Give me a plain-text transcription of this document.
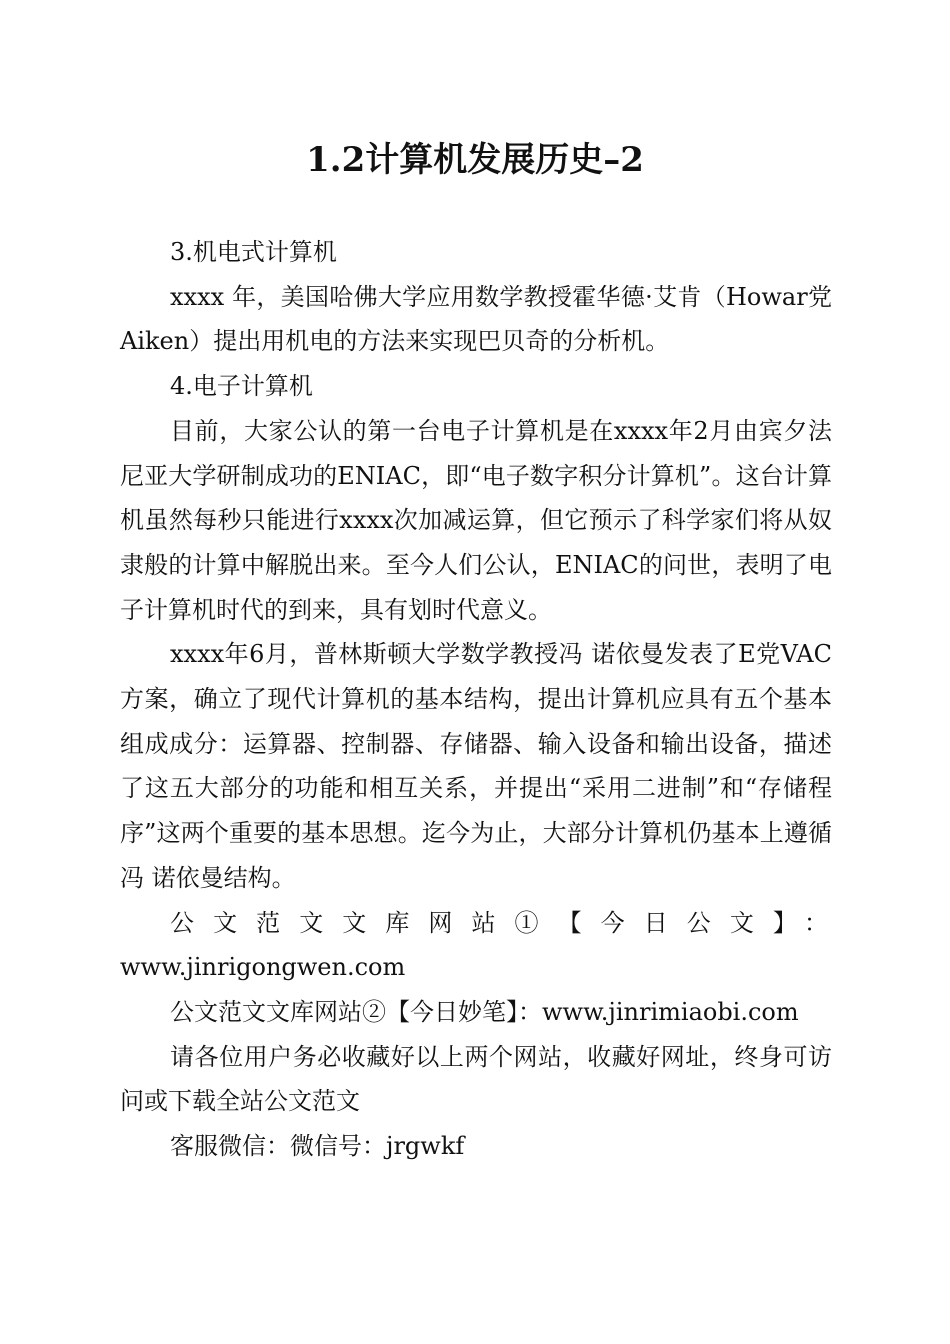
1.2计算机发展历史–2

3.机电式计算机

xxxx 年，美国哈佛大学应用数学教授霍华德·艾肯（Howar党Aiken）提出用机电的方法来实现巴贝奇的分析机。

4.电子计算机

目前，大家公认的第一台电子计算机是在xxxx年2月由宾夕法尼亚大学研制成功的ENIAC，即“电子数字积分计算机”。这台计算机虽然每秒只能进行xxxx次加减运算，但它预示了科学家们将从奴隶般的计算中解脱出来。至今人们公认，ENIAC的问世，表明了电子计算机时代的到来，具有划时代意义。

xxxx年6月，普林斯顿大学数学教授冯 诺依曼发表了E党VAC方案，确立了现代计算机的基本结构，提出计算机应具有五个基本组成成分：运算器、控制器、存储器、输入设备和输出设备，描述了这五大部分的功能和相互关系，并提出“采用二进制”和“存储程序”这两个重要的基本思想。迄今为止，大部分计算机仍基本上遵循冯 诺依曼结构。

公文范文文库网站①【今日公文】：

www.jinrigongwen.com

公文范文文库网站②【今日妙笔】：www.jinrimiaobi.com

请各位用户务必收藏好以上两个网站，收藏好网址，终身可访问或下载全站公文范文

客服微信：微信号：jrgwkf
